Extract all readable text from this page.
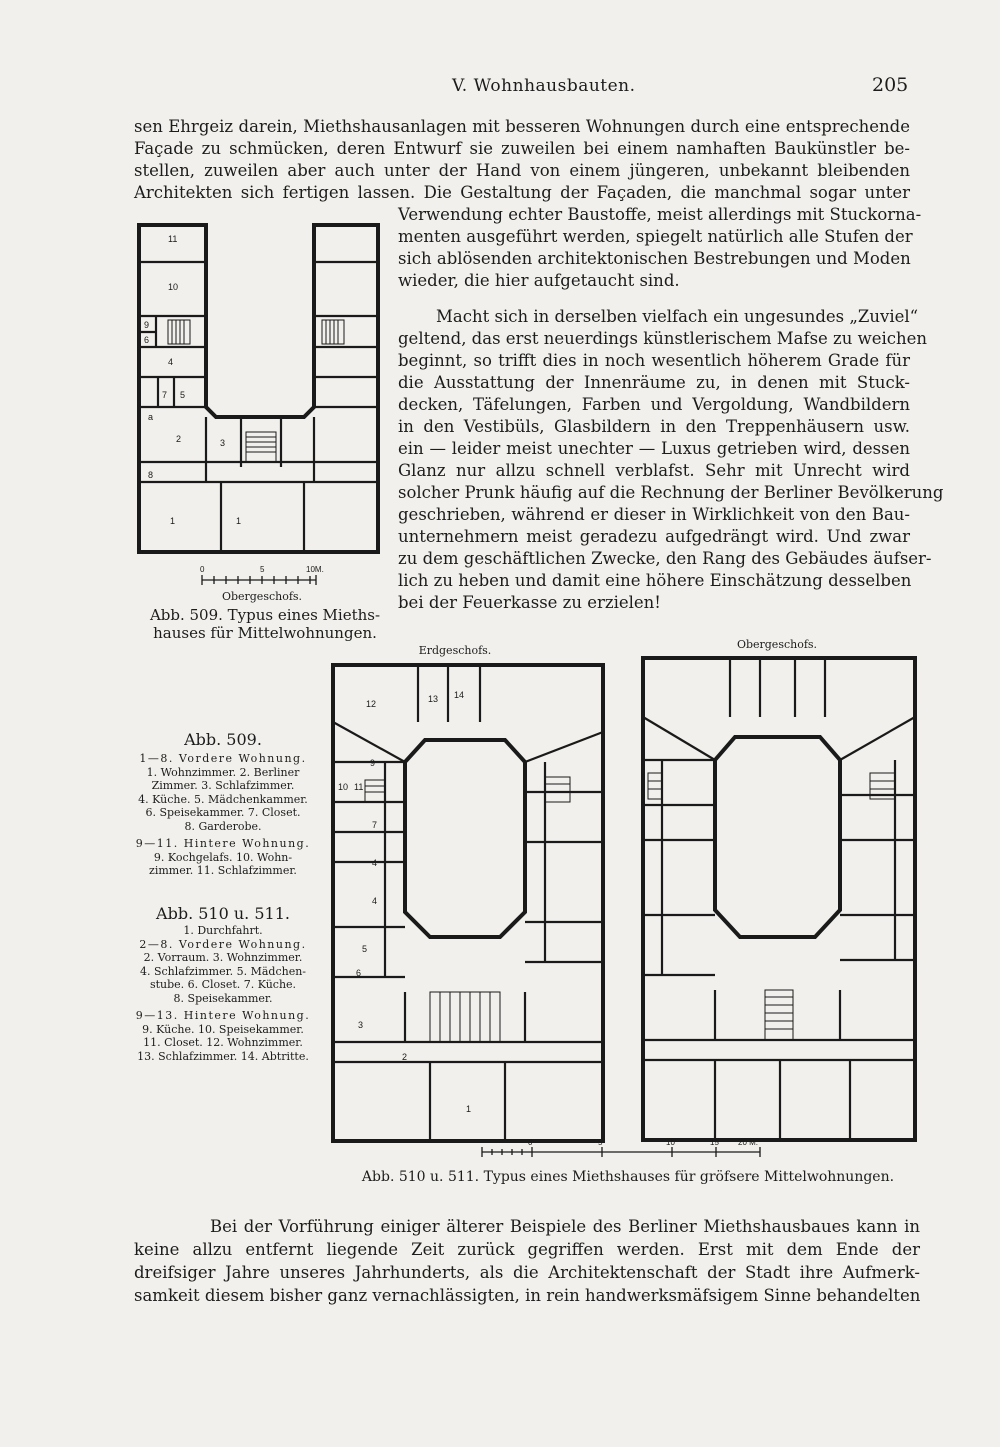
V. Wohnhausbauten.	205
sen Ehrgeiz darein, Miethshausanlagen mit besseren Wohnungen durch eine entsprechende
Façade zu schmücken, deren Entwurf sie zuweilen bei einem namhaften Baukünstler be-
stellen, zuweilen aber auch unter der Hand von einem jüngeren, unbekannt bleibenden
Architekten sich fertigen lassen. Die Gestaltung der Façaden, die manchmal sogar unter
Verwendung echter Baustoffe, meist allerdings mit Stuckorna-
menten ausgeführt werden, spiegelt natürlich alle Stufen der
sich ablösenden architektonischen Bestrebungen und Moden
wieder, die hier aufgetaucht sind.
Macht sich in derselben vielfach ein ungesundes „Zuviel“
geltend, das erst neuerdings künstlerischem Mafse zu weichen
beginnt, so trifft dies in noch wesentlich höherem Grade für
die Ausstattung der Innenräume zu, in denen mit Stuck-
decken, Täfelungen, Farben und Vergoldung, Wandbildern
in den Vestibüls, Glasbildern in den Treppenhäusern usw.
ein — leider meist unechter — Luxus getrieben wird, dessen
Glanz nur allzu schnell verblafst. Sehr mit Unrecht wird
solcher Prunk häufig auf die Rechnung der Berliner Bevölkerung
geschrieben, während er dieser in Wirklichkeit von den Bau-
unternehmern meist geradezu aufgedrängt wird. Und zwar
zu dem geschäftlichen Zwecke, den Rang des Gebäudes äufser-
lich zu heben und damit eine höhere Einschätzung desselben
bei der Feuerkasse zu erzielen!
11
10
9
6
4
7 5
a
2	3
8
1	1
0	5	10M.
Obergeschofs.
Abb. 509. Typus eines Mieths-
hauses für Mittelwohnungen.
Erdgeschofs.	Obergeschofs.
12	13 14
9
10 11
7
4
4
5
6
3
2
1
0	5	10	15 20 M.
Abb. 510 u. 511. Typus eines Miethshauses für gröfsere Mittelwohnungen.
Abb. 509.
1—8. Vordere Wohnung.
1. Wohnzimmer. 2. Berliner
Zimmer. 3. Schlafzimmer.
4. Küche. 5. Mädchenkammer.
6. Speisekammer. 7. Closet.
8. Garderobe.
9—11. Hintere Wohnung.
9. Kochgelafs. 10. Wohn-
zimmer. 11. Schlafzimmer.
Abb. 510 u. 511.
1. Durchfahrt.
2—8. Vordere Wohnung.
2. Vorraum. 3. Wohnzimmer.
4. Schlafzimmer. 5. Mädchen-
stube. 6. Closet. 7. Küche.
8. Speisekammer.
9—13. Hintere Wohnung.
9. Küche. 10. Speisekammer.
11. Closet. 12. Wohnzimmer.
13. Schlafzimmer. 14. Abtritte.
Bei der Vorführung einiger älterer Beispiele des Berliner Miethshausbaues kann in
keine allzu entfernt liegende Zeit zurück gegriffen werden. Erst mit dem Ende der
dreifsiger Jahre unseres Jahrhunderts, als die Architektenschaft der Stadt ihre Aufmerk-
samkeit diesem bisher ganz vernachlässigten, in rein handwerksmäfsigem Sinne behandelten
